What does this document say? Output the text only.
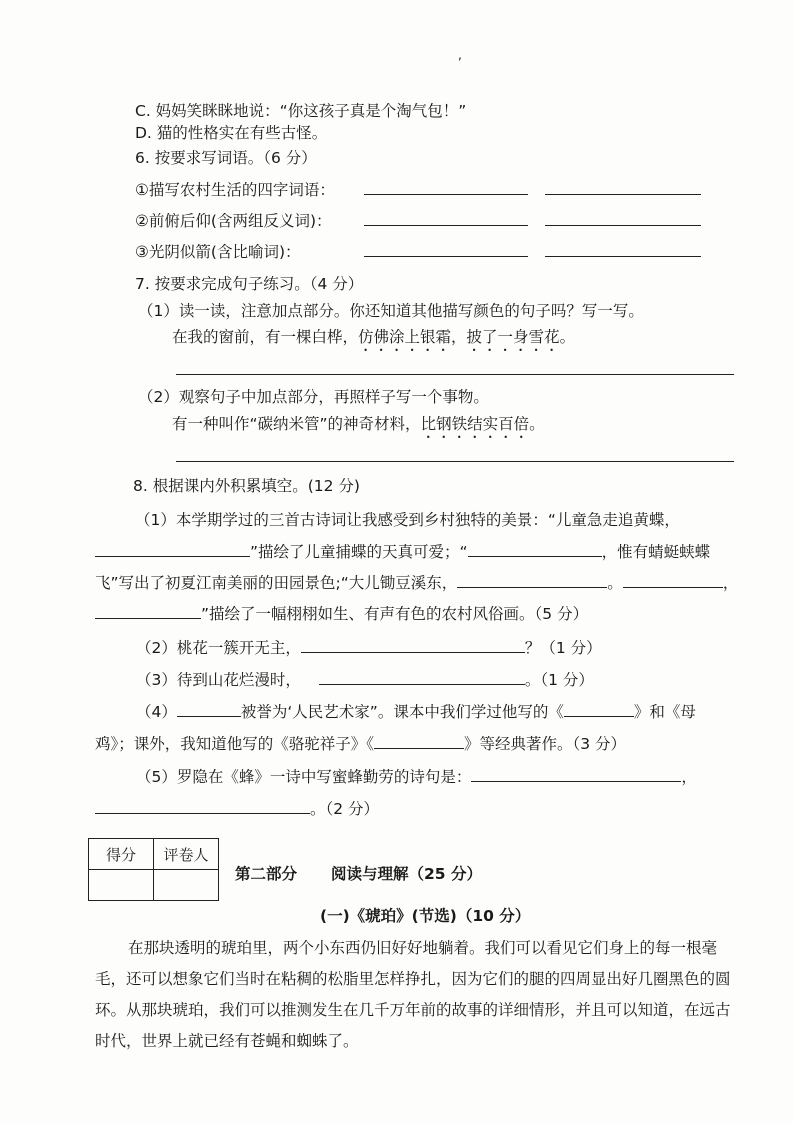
,
C. 妈妈笑眯眯地说：“你这孩子真是个淘气包！”
D. 猫的性格实在有些古怪。
6. 按要求写词语。（6 分）
①描写农村生活的四字词语：
②前俯后仰(含两组反义词)：
③光阴似箭(含比喻词)：
7. 按要求完成句子练习。（4 分）
（1）读一读，注意加点部分。你还知道其他描写颜色的句子吗？写一写。
在我的窗前，有一棵白桦，仿佛涂上银霜，披了一身雪花。
（2）观察句子中加点部分，再照样子写一个事物。
有一种叫作“碳纳米管”的神奇材料，比钢铁结实百倍。
8. 根据课内外积累填空。(12 分)
（1）本学期学过的三首古诗词让我感受到乡村独特的美景：“儿童急走追黄蝶，
”描绘了儿童捕蝶的天真可爱；“	，惟有蜻蜓蛱蝶
飞”写出了初夏江南美丽的田园景色;“大儿锄豆溪东，	。	，
”描绘了一幅栩栩如生、有声有色的农村风俗画。（5 分）
（2）桃花一簇开无主，	？（1 分）
（3）待到山花烂漫时，	。（1 分）
（4）	被誉为‘人民艺术家”。课本中我们学过他写的《	》和《母
鸡》；课外，我知道他写的《骆驼祥子》《	》等经典著作。（3 分）
（5）罗隐在《蜂》一诗中写蜜蜂勤劳的诗句是：	，
。（2 分）
得分	评卷人

第二部分 阅读与理解（25 分）
(一)《琥珀》(节选)（10 分）
在那块透明的琥珀里，两个小东西仍旧好好地躺着。我们可以看见它们身上的每一根毫毛，还可以想象它们当时在粘稠的松脂里怎样挣扎，因为它们的腿的四周显出好几圈黑色的圆环。从那块琥珀，我们可以推测发生在几千万年前的故事的详细情形，并且可以知道，在远古时代，世界上就已经有苍蝇和蜘蛛了。
